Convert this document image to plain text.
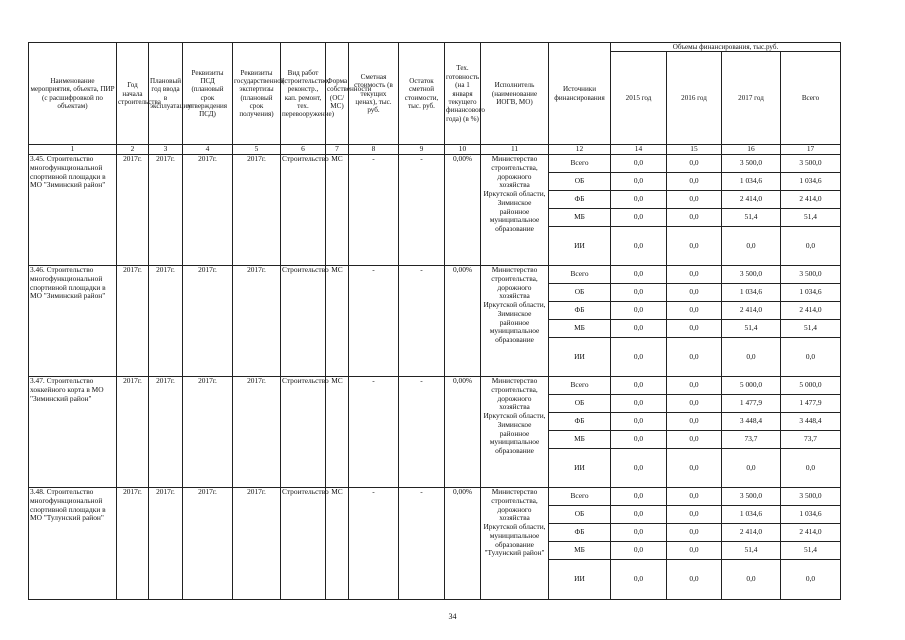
Наименование мероприятия, объекта, ПИР (с расшифровкой по объектам)	Год начала строительства	Плановый год ввода в эксплуатацию	Реквизиты ПСД (плановый срок утверждения ПСД)	Реквизиты государственной экспертизы (плановый срок получения)	Вид работ (строительство, реконстр., кап. ремонт, тех. перевооружение)	Форма собственности (ОС/МС)	Сметная стоимость (в текущих ценах), тыс. руб.	Остаток сметной стоимости, тыс. руб.	Тех. готовность (на 1 января текущего финансового года) (в %)	Исполнитель (наименование ИОГВ, МО)	Источники финансирования	Объемы финансирования, тыс.руб.			
												2015 год	2016 год	2017 год	Всего
1	2	3	4	5	6	7	8	9	10	11	12	14	15	16	17
3.45. Строительство многофункциональной спортивной площадки в МО "Зиминский район"	2017г.	2017г.	2017г.	2017г.	Строительство	МС	-	-	0,00%	Министерство строительства, дорожного хозяйства Иркутской области, Зиминское районное муниципальное образование	Всего	0,0	0,0	3 500,0	3 500,0
											ОБ	0,0	0,0	1 034,6	1 034,6
											ФБ	0,0	0,0	2 414,0	2 414,0
											МБ	0,0	0,0	51,4	51,4
											ИИ	0,0	0,0	0,0	0,0
3.46. Строительство многофункциональной спортивной площадки в МО "Зиминский район"	2017г.	2017г.	2017г.	2017г.	Строительство	МС	-	-	0,00%	Министерство строительства, дорожного хозяйства Иркутской области, Зиминское районное муниципальное образование	Всего	0,0	0,0	3 500,0	3 500,0
											ОБ	0,0	0,0	1 034,6	1 034,6
											ФБ	0,0	0,0	2 414,0	2 414,0
											МБ	0,0	0,0	51,4	51,4
											ИИ	0,0	0,0	0,0	0,0
3.47. Строительство хоккейного корта в МО "Зиминский район"	2017г.	2017г.	2017г.	2017г.	Строительство	МС	-	-	0,00%	Министерство строительства, дорожного хозяйства Иркутской области, Зиминское районное муниципальное образование	Всего	0,0	0,0	5 000,0	5 000,0
											ОБ	0,0	0,0	1 477,9	1 477,9
											ФБ	0,0	0,0	3 448,4	3 448,4
											МБ	0,0	0,0	73,7	73,7
											ИИ	0,0	0,0	0,0	0,0
3.48. Строительство многофункциональной спортивной площадки в МО "Тулунский район"	2017г.	2017г.	2017г.	2017г.	Строительство	МС	-	-	0,00%	Министерство строительства, дорожного хозяйства Иркутской области, муниципальное образование "Тулунский район"	Всего	0,0	0,0	3 500,0	3 500,0
											ОБ	0,0	0,0	1 034,6	1 034,6
											ФБ	0,0	0,0	2 414,0	2 414,0
											МБ	0,0	0,0	51,4	51,4
											ИИ	0,0	0,0	0,0	0,0
34
